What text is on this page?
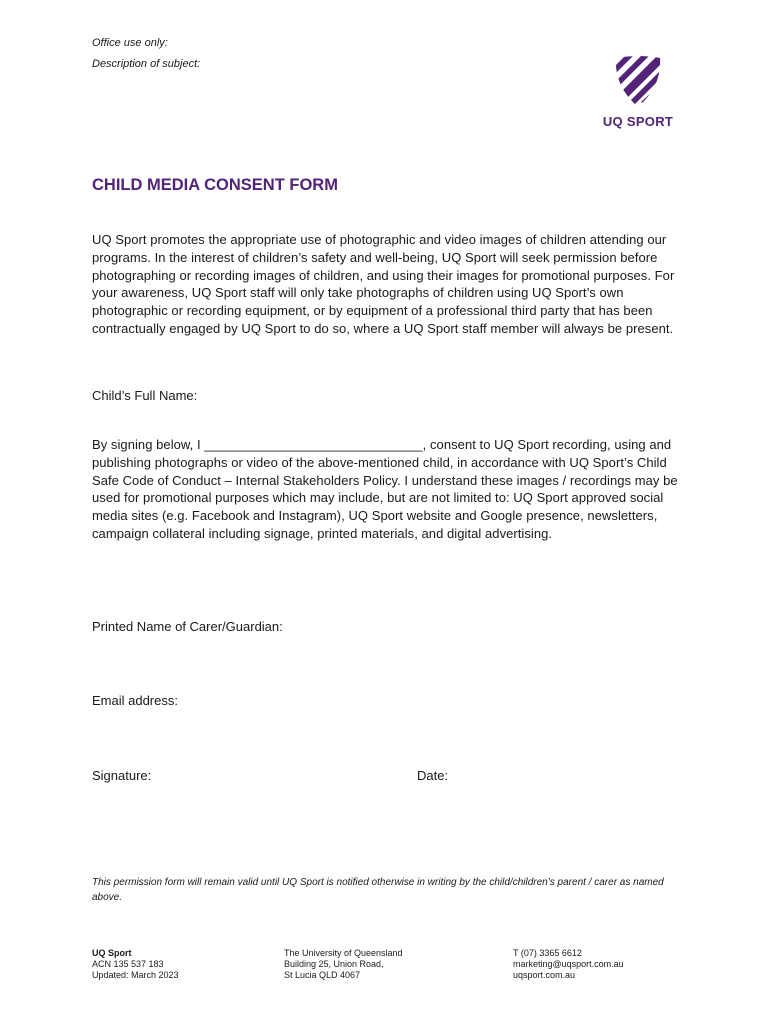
Office use only:
Description of subject:
UQ SPORT
CHILD MEDIA CONSENT FORM

UQ Sport promotes the appropriate use of photographic and video images of children attending our programs. In the interest of children’s safety and well-being, UQ Sport will seek permission before photographing or recording images of children, and using their images for promotional purposes. For your awareness, UQ Sport staff will only take photographs of children using UQ Sport’s own photographic or recording equipment, or by equipment of a professional third party that has been contractually engaged by UQ Sport to do so, where a UQ Sport staff member will always be present.

Child’s Full Name:

By signing below, I ______________________________, consent to UQ Sport recording, using and publishing photographs or video of the above-mentioned child, in accordance with UQ Sport’s Child Safe Code of Conduct – Internal Stakeholders Policy. I understand these images / recordings may be used for promotional purposes which may include, but are not limited to: UQ Sport approved social media sites (e.g. Facebook and Instagram), UQ Sport website and Google presence, newsletters, campaign collateral including signage, printed materials, and digital advertising.

Printed Name of Carer/Guardian:
Email address:
Signature:	Date:

This permission form will remain valid until UQ Sport is notified otherwise in writing by the child/children’s parent / carer as named above.

UQ Sport
ACN 135 537 183
Updated: March 2023
The University of Queensland
Building 25, Union Road,
St Lucia QLD 4067
T (07) 3365 6612
marketing@uqsport.com.au
uqsport.com.au
